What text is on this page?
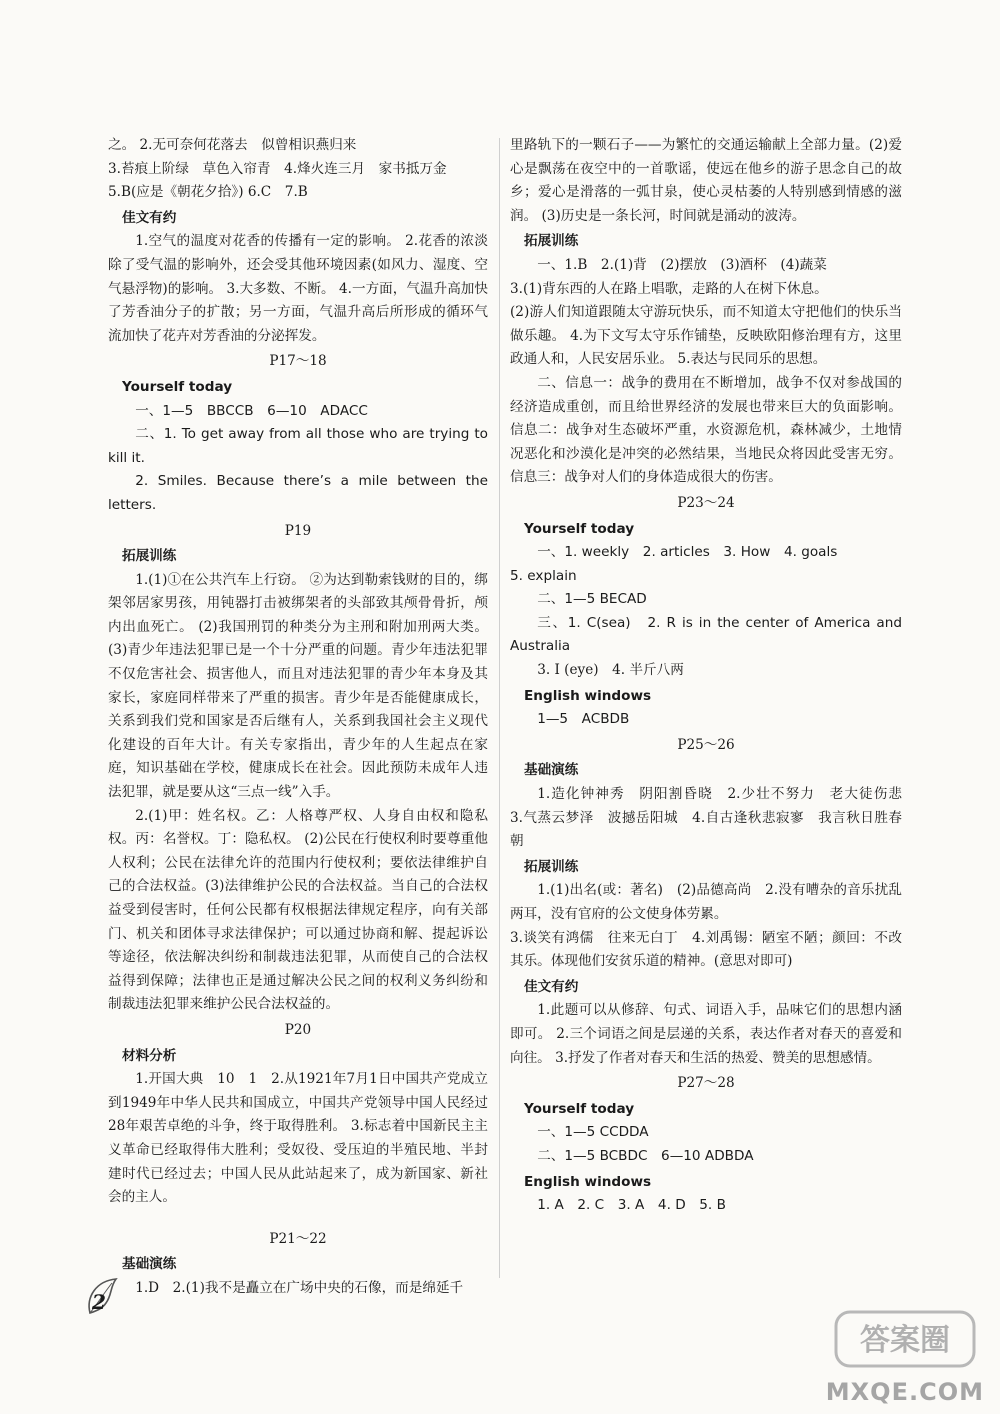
之。 2.无可奈何花落去　似曾相识燕归来
3.苔痕上阶绿　草色入帘青　4.烽火连三月　家书抵万金
5.B(应是《朝花夕拾》) 6.C　7.B
佳文有约
1.空气的温度对花香的传播有一定的影响。 2.花香的浓淡除了受气温的影响外，还会受其他环境因素(如风力、湿度、空气悬浮物)的影响。 3.大多数、不断。 4.一方面，气温升高加快了芳香油分子的扩散；另一方面，气温升高后所形成的循环气流加快了花卉对芳香油的分泌挥发。
P17～18
Yourself today
一、1—5　BBCCB　6—10　ADACC
二、1. To get away from all those who are trying to kill it.
2. Smiles. Because there’s a mile between the letters.
P19
拓展训练
1.(1)①在公共汽车上行窃。 ②为达到勒索钱财的目的，绑架邻居家男孩，用钝器打击被绑架者的头部致其颅骨骨折，颅内出血死亡。 (2)我国刑罚的种类分为主刑和附加刑两大类。 (3)青少年违法犯罪已是一个十分严重的问题。青少年违法犯罪不仅危害社会、损害他人，而且对违法犯罪的青少年本身及其家长，家庭同样带来了严重的损害。青少年是否能健康成长，关系到我们党和国家是否后继有人，关系到我国社会主义现代化建设的百年大计。有关专家指出，青少年的人生起点在家庭，知识基础在学校，健康成长在社会。因此预防未成年人违法犯罪，就是要从这“三点一线”入手。
2.(1)甲：姓名权。乙：人格尊严权、人身自由权和隐私权。丙：名誉权。丁：隐私权。 (2)公民在行使权利时要尊重他人权利；公民在法律允许的范围内行使权利；要依法律维护自己的合法权益。(3)法律维护公民的合法权益。当自己的合法权益受到侵害时，任何公民都有权根据法律规定程序，向有关部门、机关和团体寻求法律保护；可以通过协商和解、提起诉讼等途径，依法解决纠纷和制裁违法犯罪，从而使自己的合法权益得到保障；法律也正是通过解决公民之间的权利义务纠纷和制裁违法犯罪来维护公民合法权益的。
P20
材料分析
1.开国大典　10　1　2.从1921年7月1日中国共产党成立到1949年中华人民共和国成立，中国共产党领导中国人民经过28年艰苦卓绝的斗争，终于取得胜利。 3.标志着中国新民主主义革命已经取得伟大胜利；受奴役、受压迫的半殖民地、半封建时代已经过去；中国人民从此站起来了，成为新国家、新社会的主人。
P21～22
基础演练
1.D　2.(1)我不是矗立在广场中央的石像，而是绵延千
里路轨下的一颗石子——为繁忙的交通运输献上全部力量。(2)爱心是飘荡在夜空中的一首歌谣，使远在他乡的游子思念自己的故乡；爱心是滑落的一弧甘泉，使心灵枯萎的人特别感到情感的滋润。 (3)历史是一条长河，时间就是涌动的波涛。
拓展训练
一、1.B　2.(1)背　(2)摆放　(3)酒杯　(4)蔬菜
3.(1)背东西的人在路上唱歌，走路的人在树下休息。
(2)游人们知道跟随太守游玩快乐，而不知道太守把他们的快乐当做乐趣。 4.为下文写太守乐作铺垫，反映欧阳修治理有方，这里政通人和，人民安居乐业。 5.表达与民同乐的思想。
二、信息一：战争的费用在不断增加，战争不仅对参战国的经济造成重创，而且给世界经济的发展也带来巨大的负面影响。信息二：战争对生态破坏严重，水资源危机，森林减少，土地情况恶化和沙漠化是冲突的必然结果，当地民众将因此受害无穷。信息三：战争对人们的身体造成很大的伤害。
P23～24
Yourself today
一、1. weekly　2. articles　3. How　4. goals
5. explain
二、1—5 BECAD
三、1. C(sea)　2. R is in the center of America and Australia
3. I (eye)　4. 半斤八两
English windows
1—5　ACBDB
P25～26
基础演练
1.造化钟神秀　阴阳割昏晓　2.少壮不努力　老大徒伤悲　3.气蒸云梦泽　波撼岳阳城　4.自古逢秋悲寂寥　我言秋日胜春朝
拓展训练
1.(1)出名(或：著名)　(2)品德高尚　2.没有嘈杂的音乐扰乱两耳，没有官府的公文使身体劳累。
3.谈笑有鸿儒　往来无白丁　4.刘禹锡：陋室不陋；颜回：不改其乐。体现他们安贫乐道的精神。(意思对即可)
佳文有约
1.此题可以从修辞、句式、词语入手，品味它们的思想内涵即可。 2.三个词语之间是层递的关系，表达作者对春天的喜爱和向往。 3.抒发了作者对春天和生活的热爱、赞美的思想感情。
P27～28
Yourself today
一、1—5 CCDDA
二、1—5 BCBDC　6—10 ADBDA
English windows
1. A　2. C　3. A　4. D　5. B
2
答案圈
MXQE.COM
